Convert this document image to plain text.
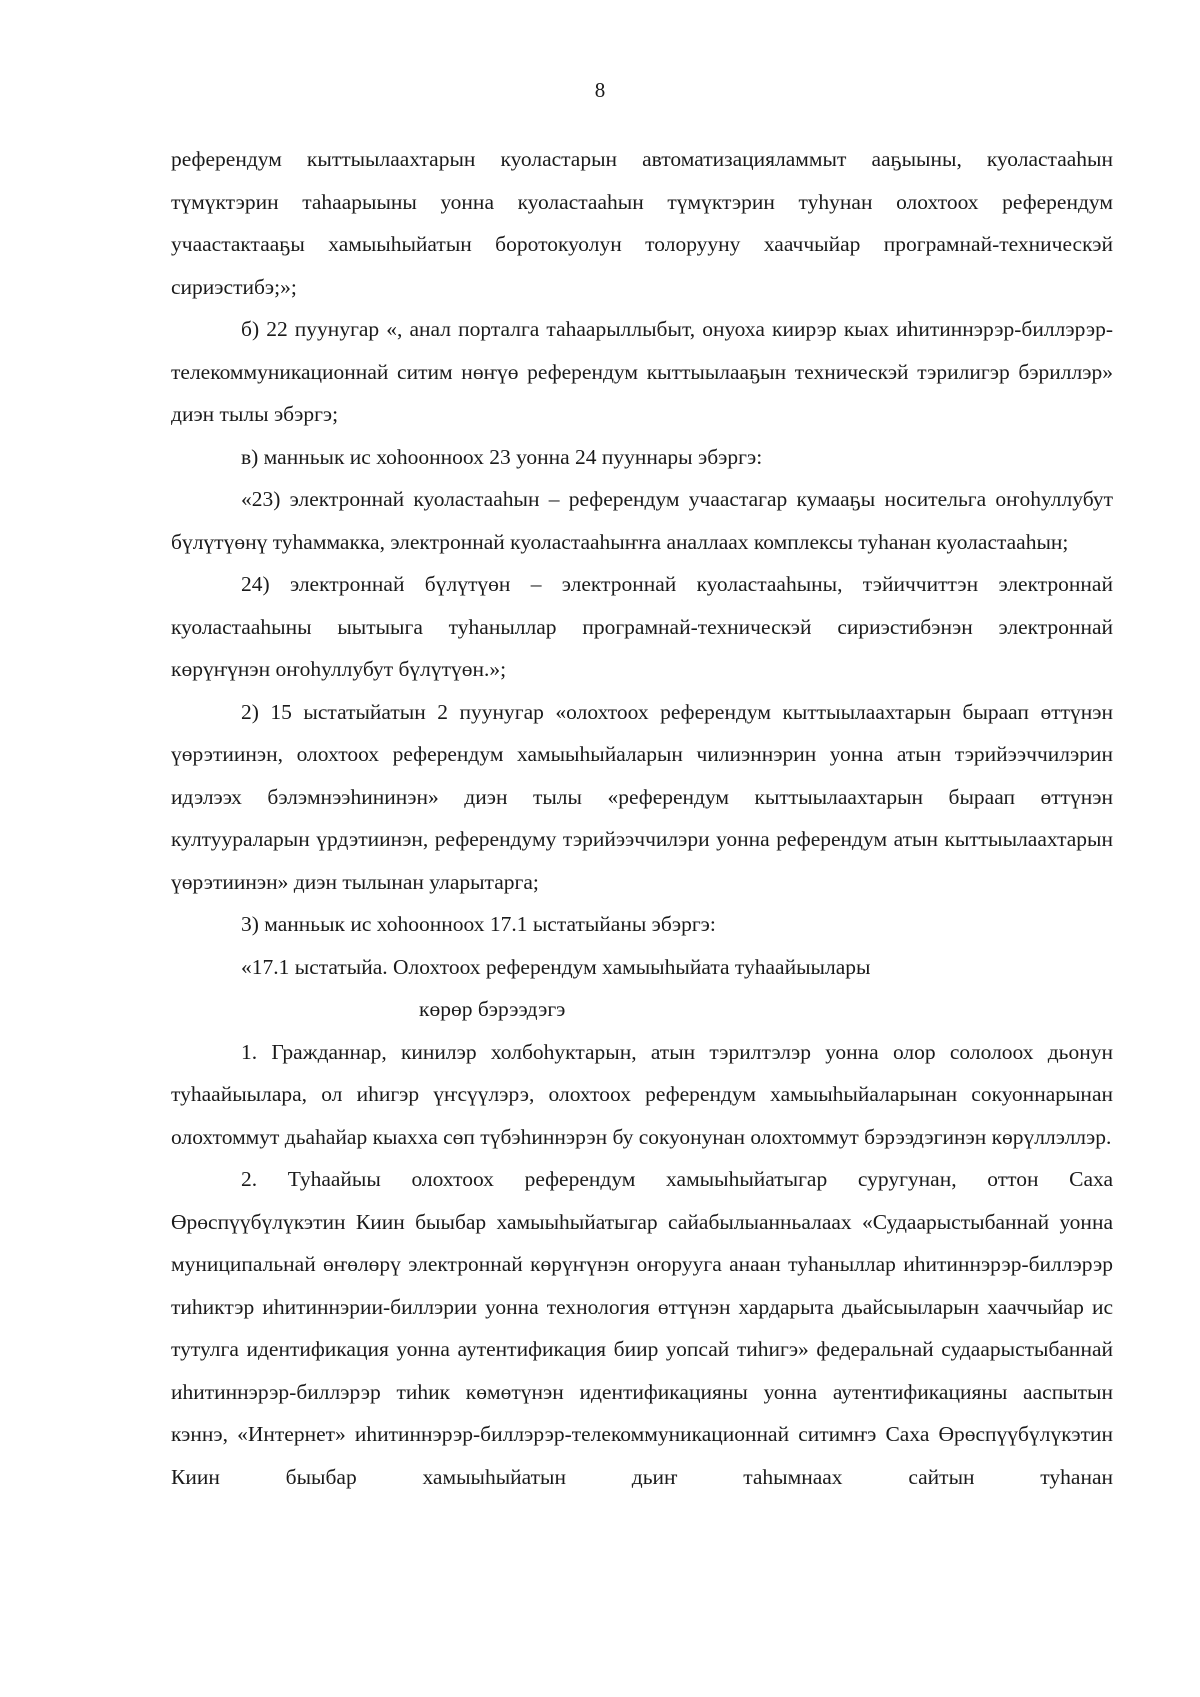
8

референдум кыттыылаахтарын куоластарын автоматизацияламмыт aaҕыыны, куоластааhын түмүктэрин таhаарыыны уонна куоластааhын түмүктэрин туhунан олохтоох референдум учаастактааҕы хамыыhыйатын боротокуолун толорууну хааччыйар програмнай-техническэй сириэстибэ;»;

б) 22 пуунугар «, анал порталга таhаарыллыбыт, онуоха киирэр кыах иhитиннэрэр-биллэрэр-телекоммуникационнай ситим нөҥүө референдум кыттыылааҕын техническэй тэрилигэр бэриллэр» диэн тылы эбэргэ;

в) манньык ис хоhоонноох 23 уонна 24 пууннары эбэргэ:

«23) электроннай куоластааhын – референдум учаастагар кумааҕы носительга оҥоhуллубут бүлүтүөнү туhаммакка, электроннай куоластааhыҥҥа аналлаах комплексы туhанан куоластааhын;

24) электроннай бүлүтүөн – электроннай куоластааhыны, тэйиччиттэн электроннай куоластааhыны ыытыыга туhаныллар програмнай-техническэй сириэстибэнэн электроннай көрүҥүнэн оҥоhуллубут бүлүтүөн.»;

2) 15 ыстатыйатын 2 пуунугар «олохтоох референдум кыттыылаахтарын быраап өттүнэн үөрэтиинэн, олохтоох референдум хамыыhыйаларын чилиэннэрин уонна атын тэрийээччилэрин идэлээх бэлэмнээhининэн» диэн тылы «референдум кыттыылаахтарын быраап өттүнэн култуураларын үрдэтиинэн, референдуму тэрийээччилэри уонна референдум атын кыттыылаахтарын үөрэтиинэн» диэн тылынан уларытарга;

3) манньык ис хоhоонноох 17.1 ыстатыйаны эбэргэ:

«17.1 ыстатыйа. Олохтоох референдум хамыыhыйата туhаайыылары

көрөр бэрээдэгэ

1. Гражданнар, кинилэр холбоhуктарын, атын тэрилтэлэр уонна олор сололоох дьонун туhаайыылара, ол иhигэр үҥсүүлэрэ, олохтоох референдум хамыыhыйаларынан сокуоннарынан олохтоммут дьаhайар кыахха сөп түбэhиннэрэн бу сокуонунан олохтоммут бэрээдэгинэн көрүллэллэр.

2. Туhаайыы олохтоох референдум хамыыhыйатыгар суругунан, оттон Саха Өрөспүүбүлүкэтин Киин быыбар хамыыhыйатыгар сайабылыанньалаах «Судаарыстыбаннай уонна муниципальнай өҥөлөрү электроннай көрүҥүнэн оҥорууга анаан туhаныллар иhитиннэрэр-биллэрэр тиhиктэр иhитиннэрии-биллэрии уонна технология өттүнэн хардарыта дьайсыыларын хааччыйар ис тутулга идентификация уонна аутентификация биир уопсай тиhигэ» федеральнай судаарыстыбаннай иhитиннэрэр-биллэрэр тиhик көмөтүнэн идентификацияны уонна аутентификацияны ааспытын кэннэ, «Интернет» иhитиннэрэр-биллэрэр-телекоммуникационнай ситимҥэ Саха Өрөспүүбүлүкэтин Киин быыбар хамыыhыйатын дьиҥ таhымнаах сайтын туhанан
